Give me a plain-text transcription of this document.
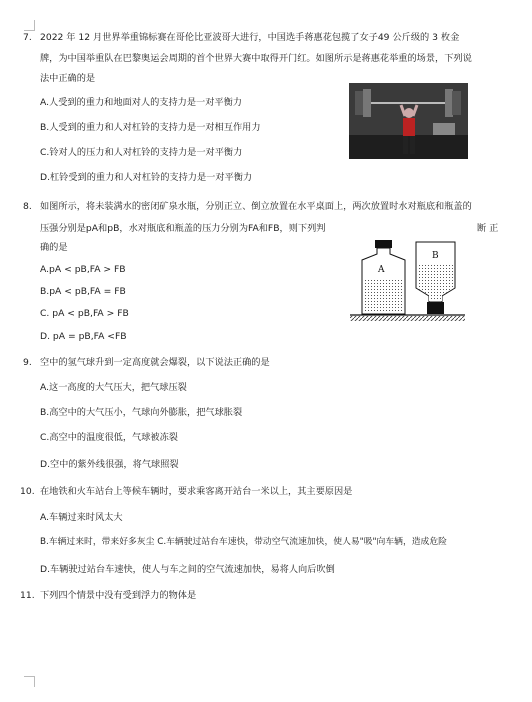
7. 2022 年 12 月世界举重锦标赛在哥伦比亚波哥大进行，中国选手蒋惠花包揽了女子49 公斤级的 3 枚金
牌，为中国举重队在巴黎奥运会周期的首个世界大赛中取得开门红。如图所示是蒋惠花举重的场景，下列说
法中正确的是
A.人受到的重力和地面对人的支持力是一对平衡力
B.人受到的重力和人对杠铃的支持力是一对相互作用力
C.铃对人的压力和人对杠铃的支持力是一对平衡力
D.杠铃受到的重力和人对杠铃的支持力是一对平衡力
8. 如图所示，将未装满水的密闭矿泉水瓶，分别正立、倒立放置在水平桌面上，两次放置时水对瓶底和瓶盖的
压强分别是pA和pB，水对瓶底和瓶盖的压力分别为FA和FB，则下列判	断 正
确的是
A.pA < pB,FA > FB
B.pA < pB,FA = FB
C. pA < pB,FA > FB
D. pA = pB,FA <FB
A
B
9. 空中的氢气球升到一定高度就会爆裂，以下说法正确的是
A.这一高度的大气压大，把气球压裂
B.高空中的大气压小，气球向外膨胀，把气球胀裂
C.高空中的温度很低，气球被冻裂
D.空中的紫外线很强，将气球照裂
10. 在地铁和火车站台上等候车辆时，要求乘客离开站台一米以上，其主要原因是
A.车辆过来时风太大
B.车辆过来时，带来好多灰尘 C.车辆驶过站台车速快，带动空气流速加快，使人易"吸"向车辆，造成危险
D.车辆驶过站台车速快，使人与车之间的空气流速加快，易将人向后吹倒
11. 下列四个情景中没有受到浮力的物体是
